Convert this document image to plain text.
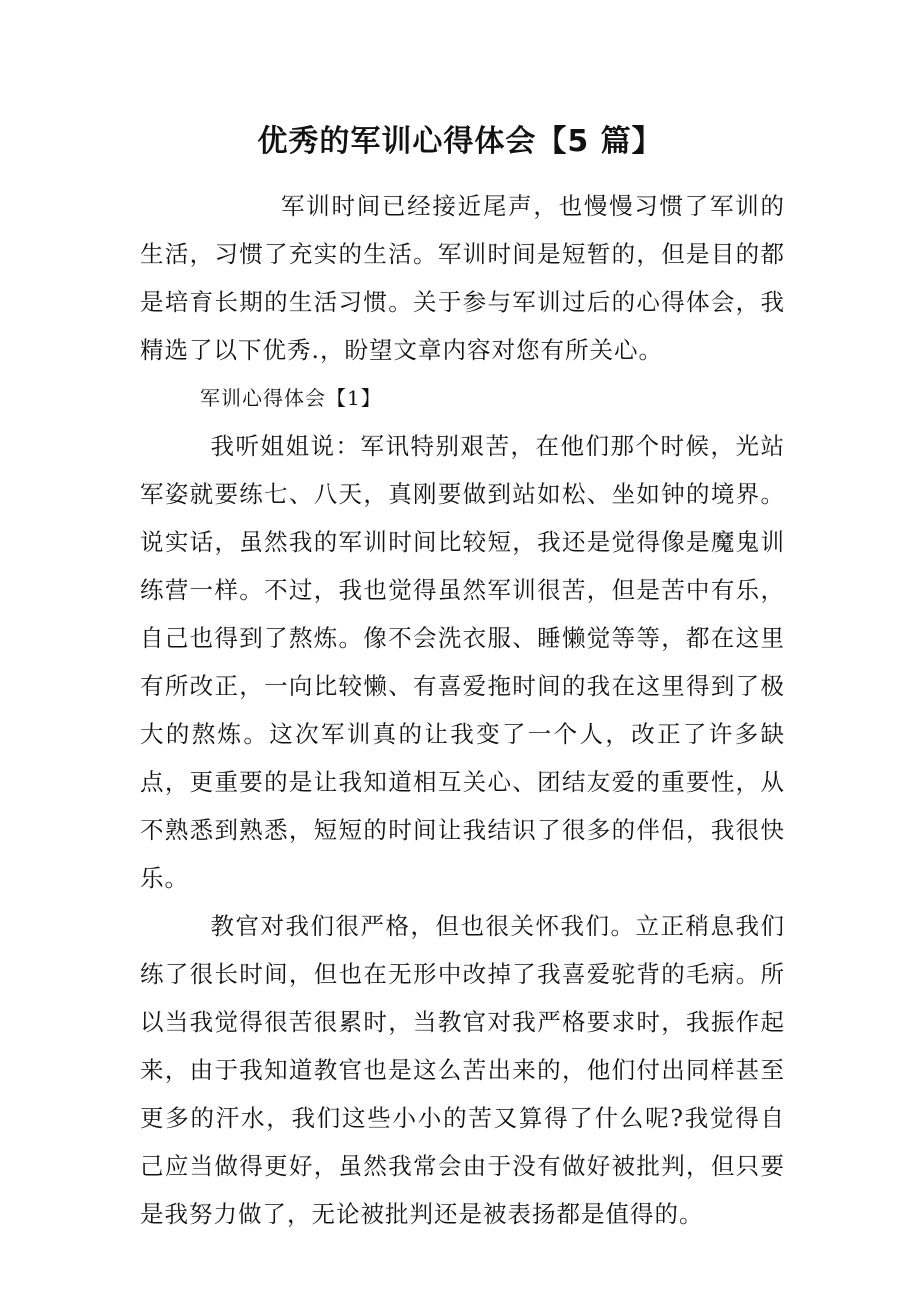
优秀的军训心得体会【5 篇】

军训时间已经接近尾声，也慢慢习惯了军训的生活，习惯了充实的生活。军训时间是短暂的，但是目的都是培育长期的生活习惯。关于参与军训过后的心得体会，我精选了以下优秀.，盼望文章内容对您有所关心。

军训心得体会【1】

我听姐姐说：军讯特别艰苦，在他们那个时候，光站军姿就要练七、八天，真刚要做到站如松、坐如钟的境界。说实话，虽然我的军训时间比较短，我还是觉得像是魔鬼训练营一样。不过，我也觉得虽然军训很苦，但是苦中有乐，自己也得到了熬炼。像不会洗衣服、睡懒觉等等，都在这里有所改正，一向比较懒、有喜爱拖时间的我在这里得到了极大的熬炼。这次军训真的让我变了一个人，改正了许多缺点，更重要的是让我知道相互关心、团结友爱的重要性，从不熟悉到熟悉，短短的时间让我结识了很多的伴侣，我很快乐。

教官对我们很严格，但也很关怀我们。立正稍息我们练了很长时间，但也在无形中改掉了我喜爱驼背的毛病。所以当我觉得很苦很累时，当教官对我严格要求时，我振作起来，由于我知道教官也是这么苦出来的，他们付出同样甚至更多的汗水，我们这些小小的苦又算得了什么呢?我觉得自己应当做得更好，虽然我常会由于没有做好被批判，但只要是我努力做了，无论被批判还是被表扬都是值得的。
